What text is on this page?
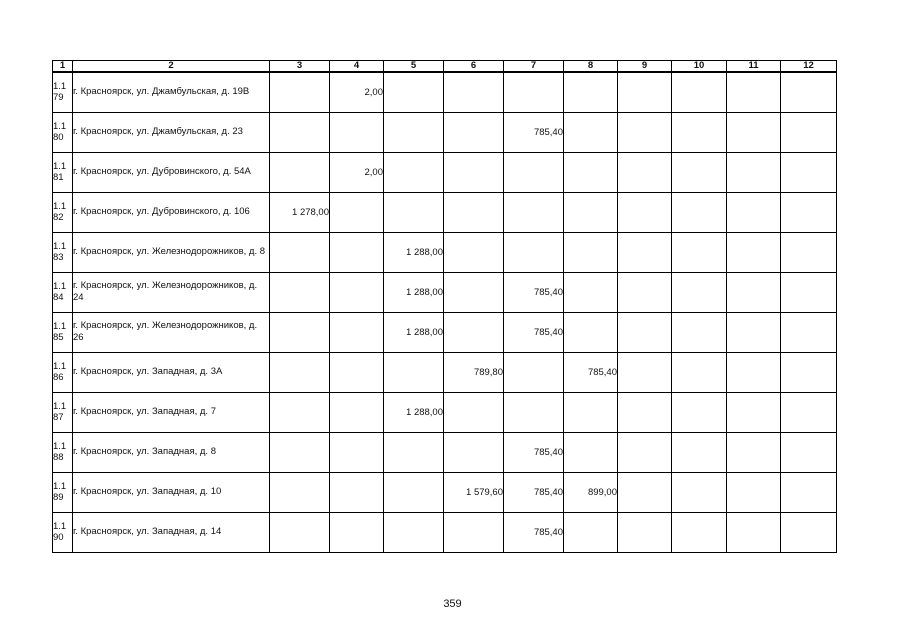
1	2	3	4	5	6	7	8	9	10	11	12
1.1 79	г. Красноярск, ул. Джамбульская, д. 19В		2,00								
1.1 80	г. Красноярск, ул. Джамбульская, д. 23					785,40					
1.1 81	г. Красноярск, ул. Дубровинского, д. 54А		2,00								
1.1 82	г. Красноярск, ул. Дубровинского, д. 106	1 278,00									
1.1 83	г. Красноярск, ул. Железнодорожников, д. 8			1 288,00							
1.1 84	г. Красноярск, ул. Железнодорожников, д. 24			1 288,00		785,40					
1.1 85	г. Красноярск, ул. Железнодорожников, д. 26			1 288,00		785,40					
1.1 86	г. Красноярск, ул. Западная, д. 3А				789,80		785,40				
1.1 87	г. Красноярск, ул. Западная, д. 7			1 288,00							
1.1 88	г. Красноярск, ул. Западная, д. 8					785,40					
1.1 89	г. Красноярск, ул. Западная, д. 10				1 579,60	785,40	899,00				
1.1 90	г. Красноярск, ул. Западная, д. 14					785,40					
359
